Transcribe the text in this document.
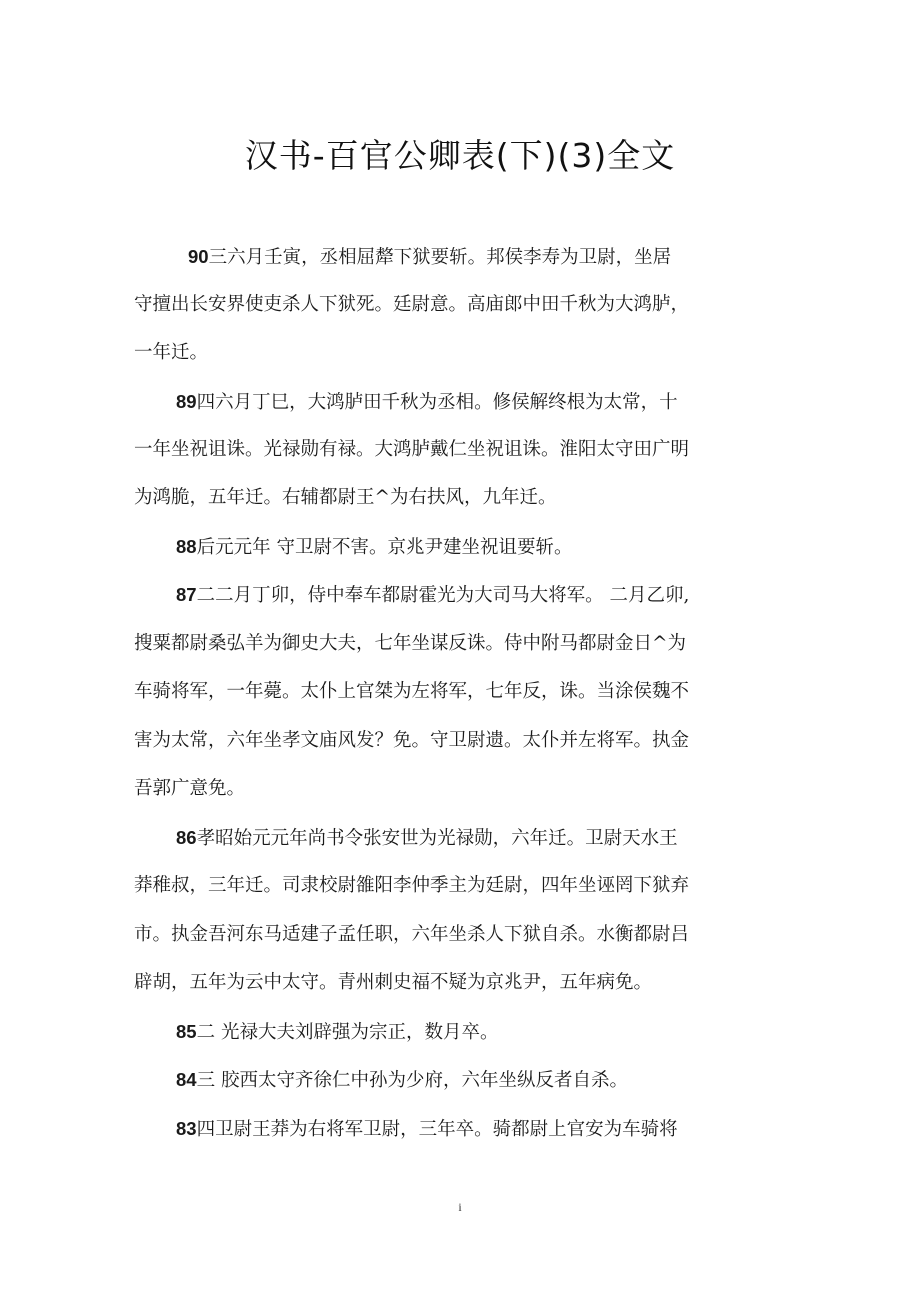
汉书-百官公卿表(下)(3)全文
90三六月壬寅，丞相屈犛下狱要斩。邦侯李寿为卫尉，坐居
守擅出长安界使吏杀人下狱死。廷尉意。高庙郎中田千秋为大鸿胪，
一年迁。
89四六月丁巳，大鸿胪田千秋为丞相。修侯解终根为太常，十
一年坐祝诅诛。光禄勋有禄。大鸿胪戴仁坐祝诅诛。淮阳太守田广明
为鸿脆，五年迁。右辅都尉王^为右扶风，九年迁。
88后元元年 守卫尉不害。京兆尹建坐祝诅要斩。
87二二月丁卯，侍中奉车都尉霍光为大司马大将军。 二月乙卯,
搜粟都尉桑弘羊为御史大夫，七年坐谋反诛。侍中附马都尉金日^为
车骑将军，一年薨。太仆上官桀为左将军，七年反，诛。当涂侯魏不
害为太常，六年坐孝文庙风发？免。守卫尉遗。太仆并左将军。执金
吾郭广意免。
86孝昭始元元年尚书令张安世为光禄勋，六年迁。卫尉天水王
莽稚叔，三年迁。司隶校尉雒阳李仲季主为廷尉，四年坐诬罔下狱弃
市。执金吾河东马适建子孟任职，六年坐杀人下狱自杀。水衡都尉吕
辟胡，五年为云中太守。青州刺史福不疑为京兆尹，五年病免。
85二 光禄大夫刘辟强为宗正，数月卒。
84三 胶西太守齐徐仁中孙为少府，六年坐纵反者自杀。
83四卫尉王莽为右将军卫尉，三年卒。骑都尉上官安为车骑将
i
